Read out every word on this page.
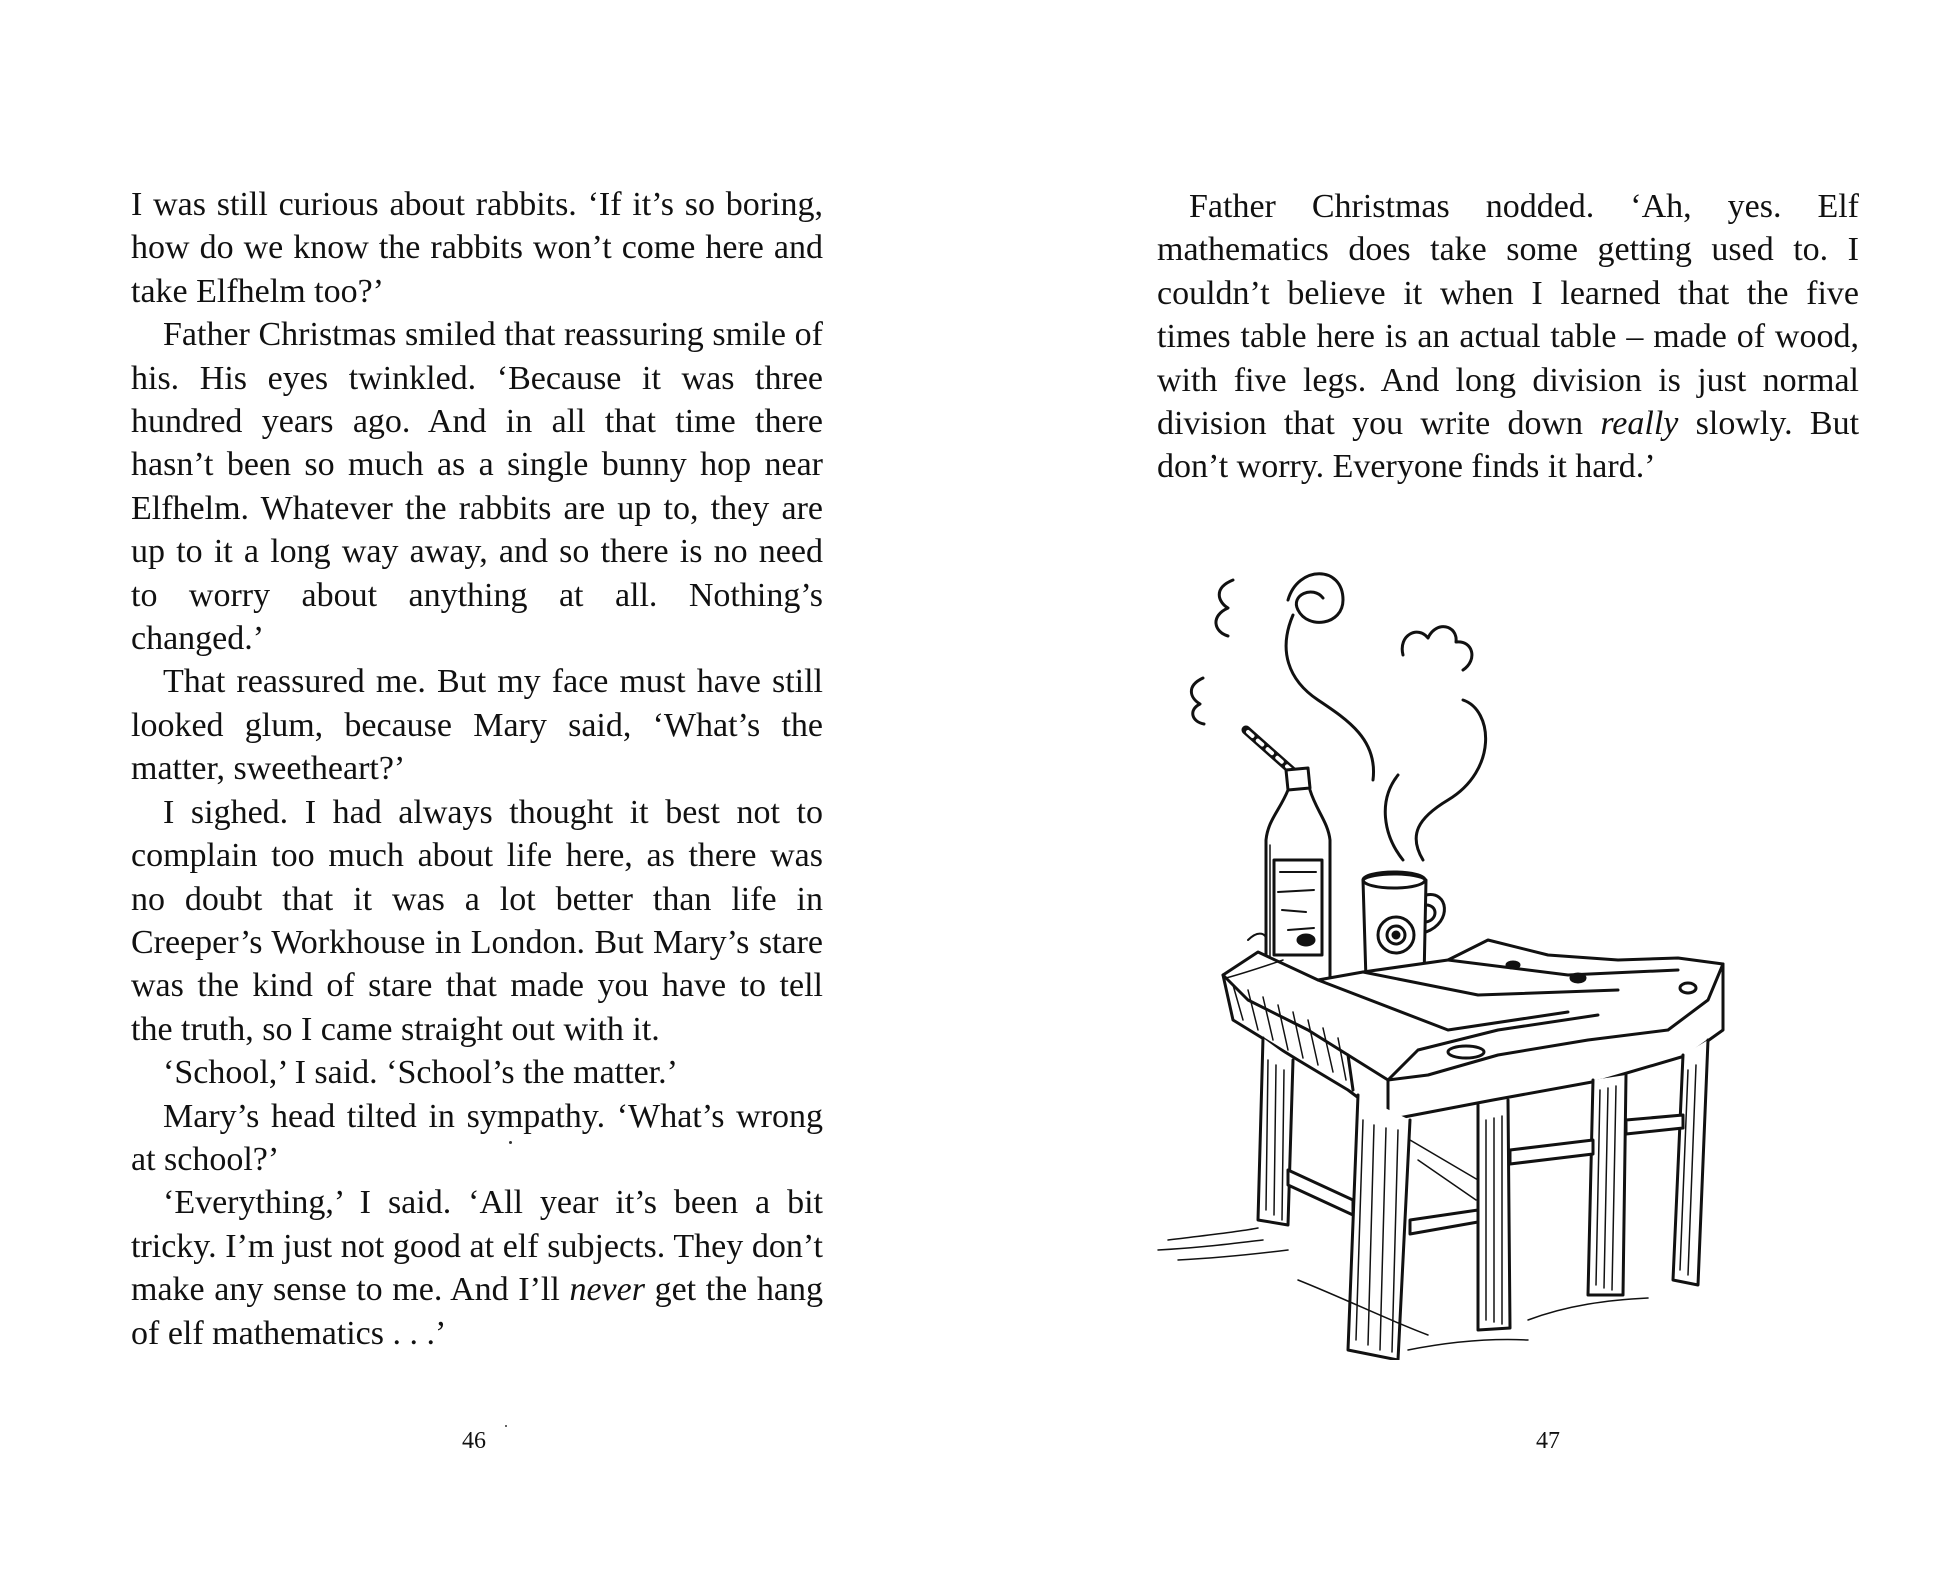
I was still curious about rabbits. ‘If it’s so boring, how do we know the rabbits won’t come here and take Elfhelm too?’

Father Christmas smiled that reassuring smile of his. His eyes twinkled. ‘Because it was three hundred years ago. And in all that time there hasn’t been so much as a single bunny hop near Elfhelm. Whatever the rabbits are up to, they are up to it a long way away, and so there is no need to worry about anything at all. Nothing’s changed.’

That reassured me. But my face must have still looked glum, because Mary said, ‘What’s the matter, sweetheart?’

I sighed. I had always thought it best not to complain too much about life here, as there was no doubt that it was a lot better than life in Creeper’s Workhouse in London. But Mary’s stare was the kind of stare that made you have to tell the truth, so I came straight out with it.

‘School,’ I said. ‘School’s the matter.’

Mary’s head tilted in sympathy. ‘What’s wrong at school?’

‘Everything,’ I said. ‘All year it’s been a bit tricky. I’m just not good at elf subjects. They don’t make any sense to me. And I’ll never get the hang of elf mathematics . . .’

46

Father Christmas nodded. ‘Ah, yes. Elf mathematics does take some getting used to. I couldn’t believe it when I learned that the five times table here is an actual table – made of wood, with five legs. And long division is just normal division that you write down really slowly. But don’t worry. Everyone finds it hard.’

47
